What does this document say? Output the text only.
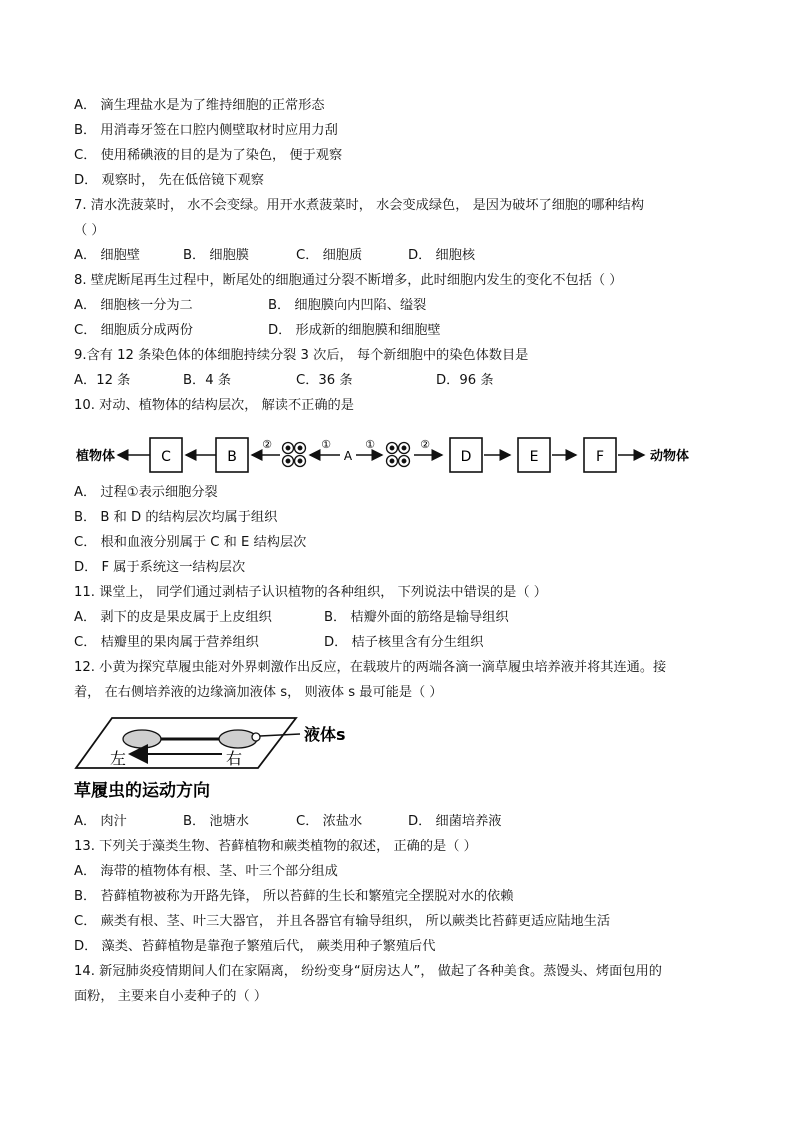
A． 滴生理盐水是为了维持细胞的正常形态
B． 用消毒牙签在口腔内侧壁取材时应用力刮
C． 使用稀碘液的目的是为了染色， 便于观察
D． 观察时， 先在低倍镜下观察
7. 清水洗菠菜时， 水不会变绿。用开水煮菠菜时， 水会变成绿色， 是因为破坏了细胞的哪种结构
（ ）
A． 细胞壁	B． 细胞膜	C． 细胞质	D． 细胞核
8. 壁虎断尾再生过程中，断尾处的细胞通过分裂不断增多，此时细胞内发生的变化不包括（ ）
A． 细胞核一分为二	B． 细胞膜向内凹陷、缢裂
C． 细胞质分成两份	D． 形成新的细胞膜和细胞壁
9.含有 12 条染色体的体细胞持续分裂 3 次后， 每个新细胞中的染色体数目是
A．12 条	B．4 条	C．36 条	D．96 条
10. 对动、植物体的结构层次， 解读不正确的是
植物体	C	B
②	①
A
①	②
D	E	F	动物体
A． 过程①表示细胞分裂
B． B 和 D 的结构层次均属于组织
C． 根和血液分别属于 C 和 E 结构层次
D． F 属于系统这一结构层次
11. 课堂上， 同学们通过剥桔子认识植物的各种组织， 下列说法中错误的是（ ）
A． 剥下的皮是果皮属于上皮组织	B． 桔瓣外面的筋络是输导组织
C． 桔瓣里的果肉属于营养组织	D． 桔子核里含有分生组织
12. 小黄为探究草履虫能对外界刺激作出反应，在载玻片的两端各滴一滴草履虫培养液并将其连通。接
着， 在右侧培养液的边缘滴加液体 s， 则液体 s 最可能是（ ）
液体s
左	右
草履虫的运动方向
A． 肉汁	B． 池塘水	C． 浓盐水	D． 细菌培养液
13. 下列关于藻类生物、苔藓植物和蕨类植物的叙述， 正确的是（ ）
A． 海带的植物体有根、茎、叶三个部分组成
B． 苔藓植物被称为开路先锋， 所以苔藓的生长和繁殖完全摆脱对水的依赖
C． 蕨类有根、茎、叶三大器官， 并且各器官有输导组织， 所以蕨类比苔藓更适应陆地生活
D． 藻类、苔藓植物是靠孢子繁殖后代， 蕨类用种子繁殖后代
14. 新冠肺炎疫情期间人们在家隔离， 纷纷变身“厨房达人”， 做起了各种美食。蒸馒头、烤面包用的
面粉， 主要来自小麦种子的（ ）
